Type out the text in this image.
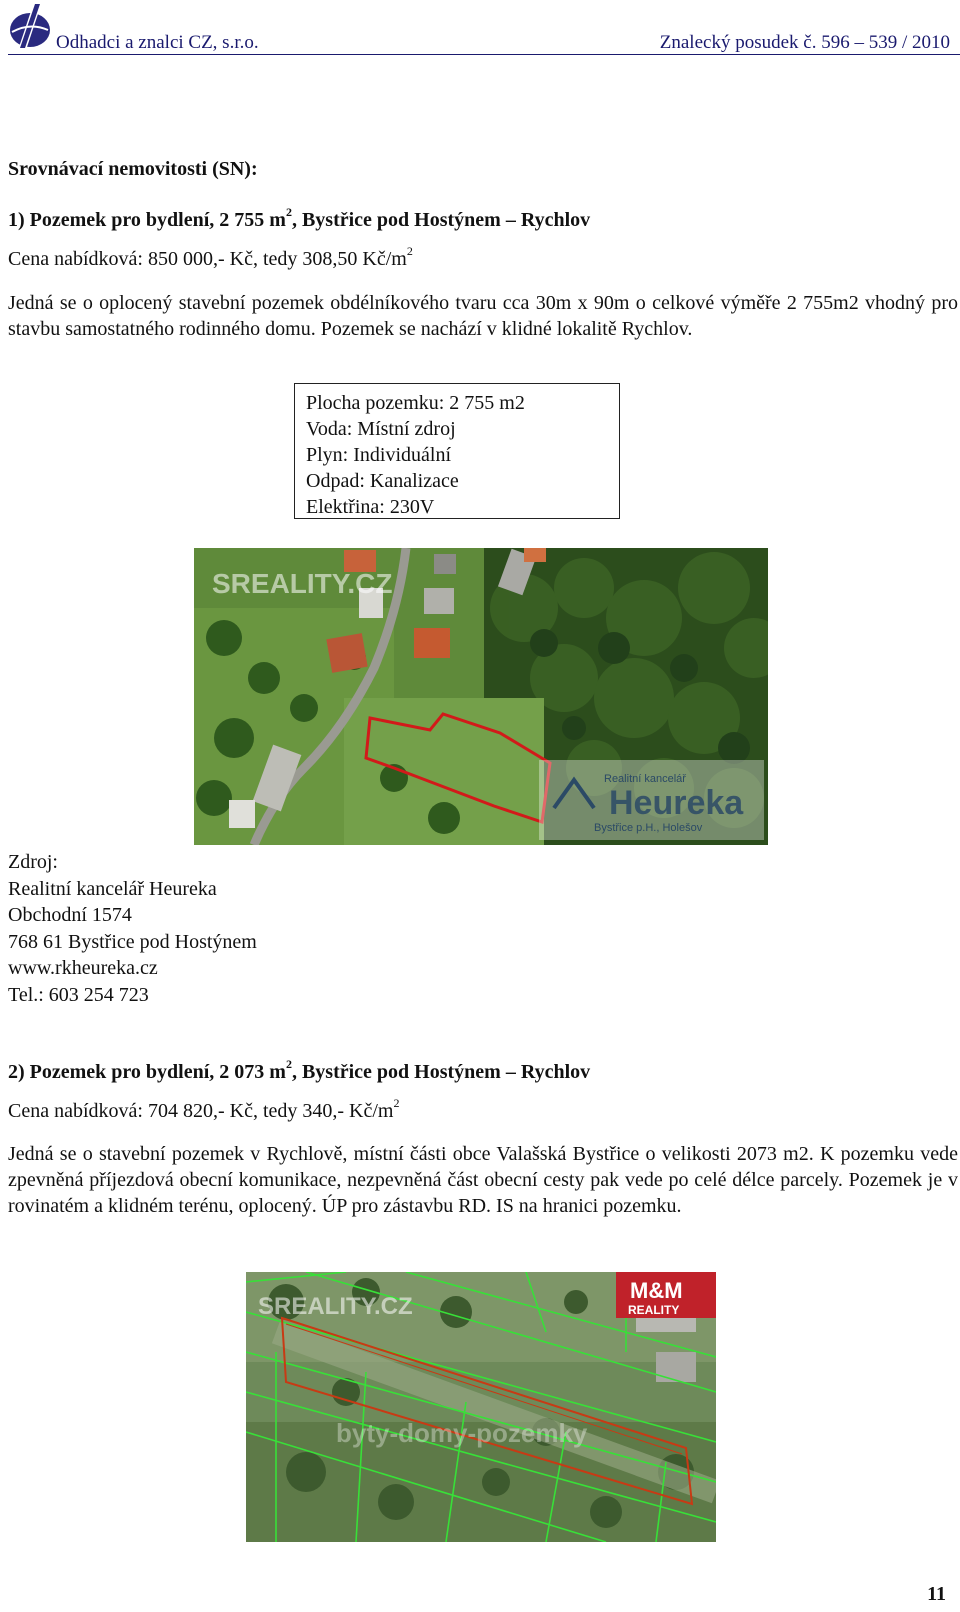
Odhadci a znalci CZ, s.r.o.	Znalecký posudek č. 596 – 539 / 2010
Srovnávací nemovitosti (SN):
1) Pozemek pro bydlení, 2 755 $m^2$, Bystřice pod Hostýnem – Rychlov
Cena nabídková: 850 000,- Kč, tedy 308,50 $Kč/m^2$
Jedná se o oplocený stavební pozemek obdélníkového tvaru cca 30m x 90m o celkové výměře 2 755m2 vhodný pro stavbu samostatného rodinného domu. Pozemek se nachází v klidné lokalitě Rychlov.
Plocha pozemku: 2 755 m2
Voda: Místní zdroj
Plyn: Individuální
Odpad: Kanalizace
Elektřina: 230V
SREALITY.CZ
Realitní kancelář
Heureka
Bystřice p.H., Holešov
Zdroj:
Realitní kancelář Heureka
Obchodní 1574
768 61 Bystřice pod Hostýnem
www.rkheureka.cz
Tel.: 603 254 723
2) Pozemek pro bydlení, 2 073 $m^2$, Bystřice pod Hostýnem – Rychlov
Cena nabídková: 704 820,- Kč, tedy 340,- $Kč/m^2$
Jedná se o stavební pozemek v Rychlově, místní části obce Valašská Bystřice o velikosti 2073 m2. K pozemku vede zpevněná příjezdová obecní komunikace, nezpevněná část obecní cesty pak vede po celé délce parcely. Pozemek je v rovinatém a klidném terénu, oplocený. ÚP pro zástavbu RD. IS na hranici pozemku.
SREALITY.CZ
byty-domy-pozemky
M&M
REALITY
11
